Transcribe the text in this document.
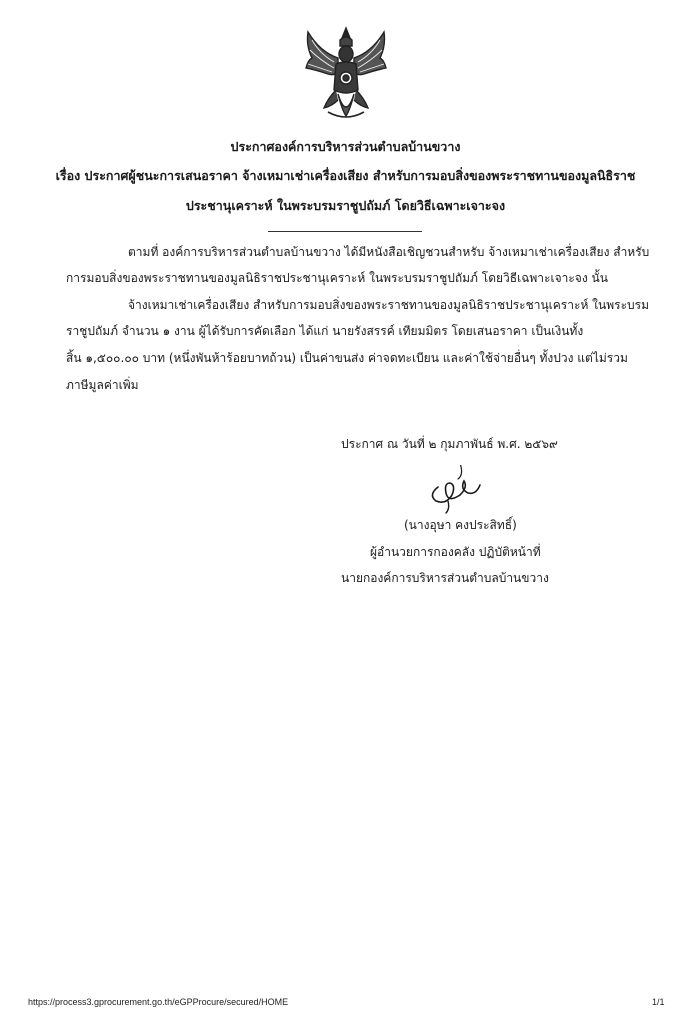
ประกาศองค์การบริหารส่วนตำบลบ้านขวาง
เรื่อง ประกาศผู้ชนะการเสนอราคา จ้างเหมาเช่าเครื่องเสียง สำหรับการมอบสิ่งของพระราชทานของมูลนิธิราช
ประชานุเคราะห์ ในพระบรมราชูปถัมภ์ โดยวิธีเฉพาะเจาะจง
ตามที่ องค์การบริหารส่วนตำบลบ้านขวาง ได้มีหนังสือเชิญชวนสำหรับ จ้างเหมาเช่าเครื่องเสียง สำหรับ
การมอบสิ่งของพระราชทานของมูลนิธิราชประชานุเคราะห์ ในพระบรมราชูปถัมภ์ โดยวิธีเฉพาะเจาะจง นั้น
จ้างเหมาเช่าเครื่องเสียง สำหรับการมอบสิ่งของพระราชทานของมูลนิธิราชประชานุเคราะห์ ในพระบรม
ราชูปถัมภ์ จำนวน ๑ งาน ผู้ได้รับการคัดเลือก ได้แก่ นายรังสรรค์ เทียมมิตร โดยเสนอราคา เป็นเงินทั้ง
สิ้น ๑,๕๐๐.๐๐ บาท (หนึ่งพันห้าร้อยบาทถ้วน) เป็นค่าขนส่ง ค่าจดทะเบียน และค่าใช้จ่ายอื่นๆ ทั้งปวง แต่ไม่รวม
ภาษีมูลค่าเพิ่ม
ประกาศ ณ วันที่ ๒ กุมภาพันธ์ พ.ศ. ๒๕๖๙
(นางอุษา คงประสิทธิ์)
ผู้อำนวยการกองคลัง ปฏิบัติหน้าที่
นายกองค์การบริหารส่วนตำบลบ้านขวาง
https://process3.gprocurement.go.th/eGPProcure/secured/HOME	1/1
